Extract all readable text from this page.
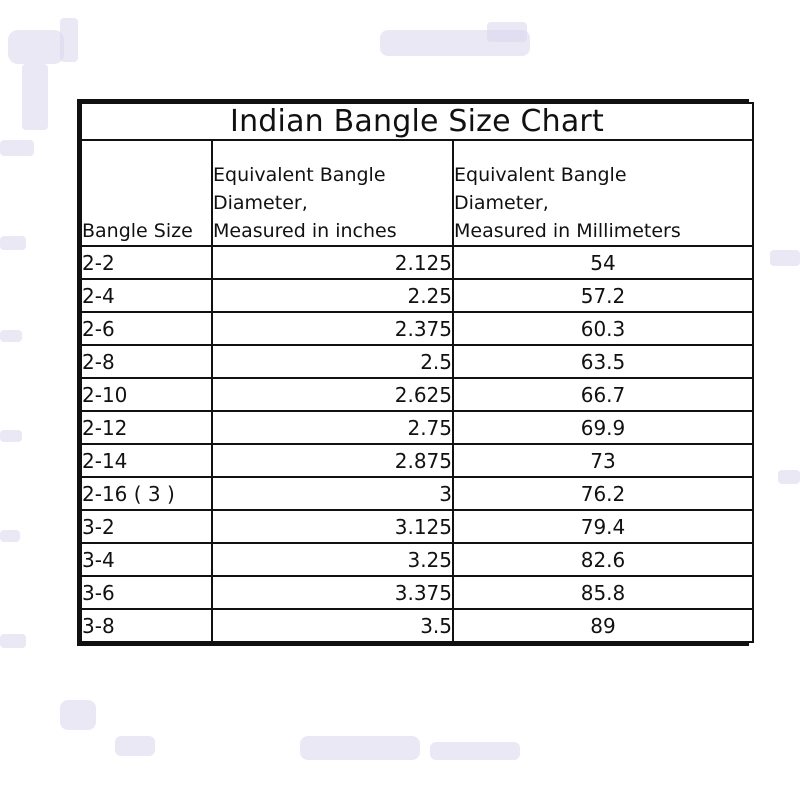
Indian Bangle Size Chart		
Bangle Size	
Equivalent Bangle
Diameter,
Measured in inches

Equivalent Bangle
Diameter,
Measured in Millimeters

2-2	2.125	54
2-4	2.25	57.2
2-6	2.375	60.3
2-8	2.5	63.5
2-10	2.625	66.7
2-12	2.75	69.9
2-14	2.875	73
2-16 ( 3 )	3	76.2
3-2	3.125	79.4
3-4	3.25	82.6
3-6	3.375	85.8
3-8	3.5	89
